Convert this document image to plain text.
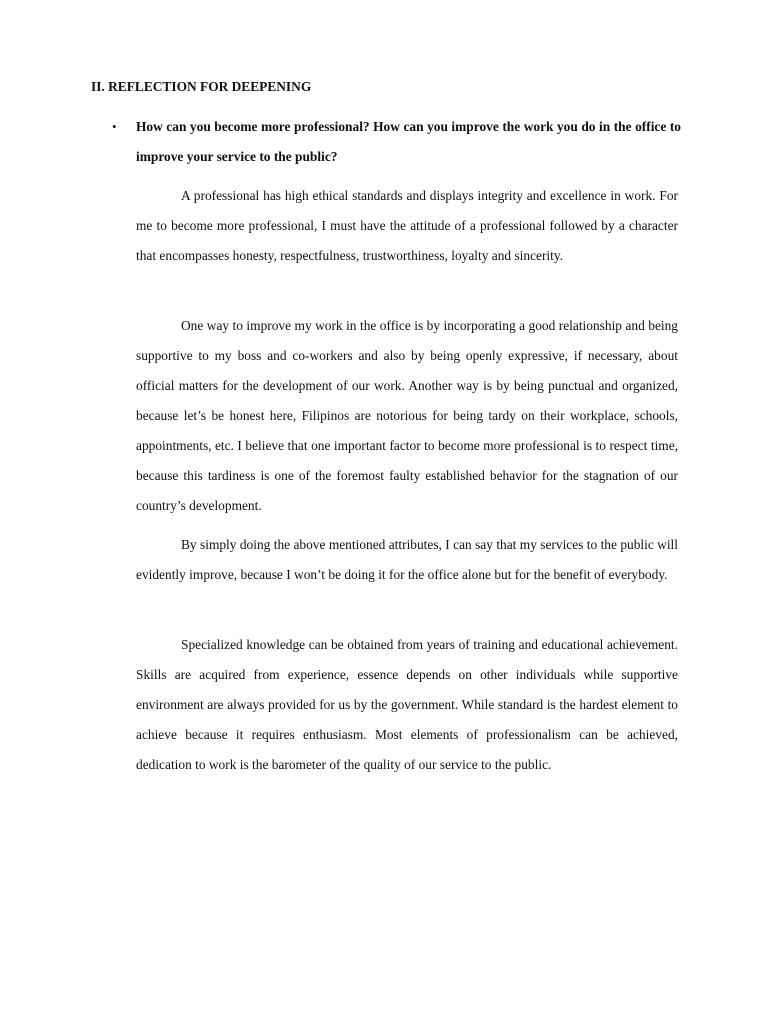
II. REFLECTION FOR DEEPENING
• How can you become more professional? How can you improve the work you do in the office to improve your service to the public?

A professional has high ethical standards and displays integrity and excellence in work. For me to become more professional, I must have the attitude of a professional followed by a character that encompasses honesty, respectfulness, trustworthiness, loyalty and sincerity.

One way to improve my work in the office is by incorporating a good relationship and being supportive to my boss and co-workers and also by being openly expressive, if necessary, about official matters for the development of our work. Another way is by being punctual and organized, because let’s be honest here, Filipinos are notorious for being tardy on their workplace, schools, appointments, etc. I believe that one important factor to become more professional is to respect time, because this tardiness is one of the foremost faulty established behavior for the stagnation of our country’s development.

By simply doing the above mentioned attributes, I can say that my services to the public will evidently improve, because I won’t be doing it for the office alone but for the benefit of everybody.

Specialized knowledge can be obtained from years of training and educational achievement. Skills are acquired from experience, essence depends on other individuals while supportive environment are always provided for us by the government. While standard is the hardest element to achieve because it requires enthusiasm. Most elements of professionalism can be achieved, dedication to work is the barometer of the quality of our service to the public.
